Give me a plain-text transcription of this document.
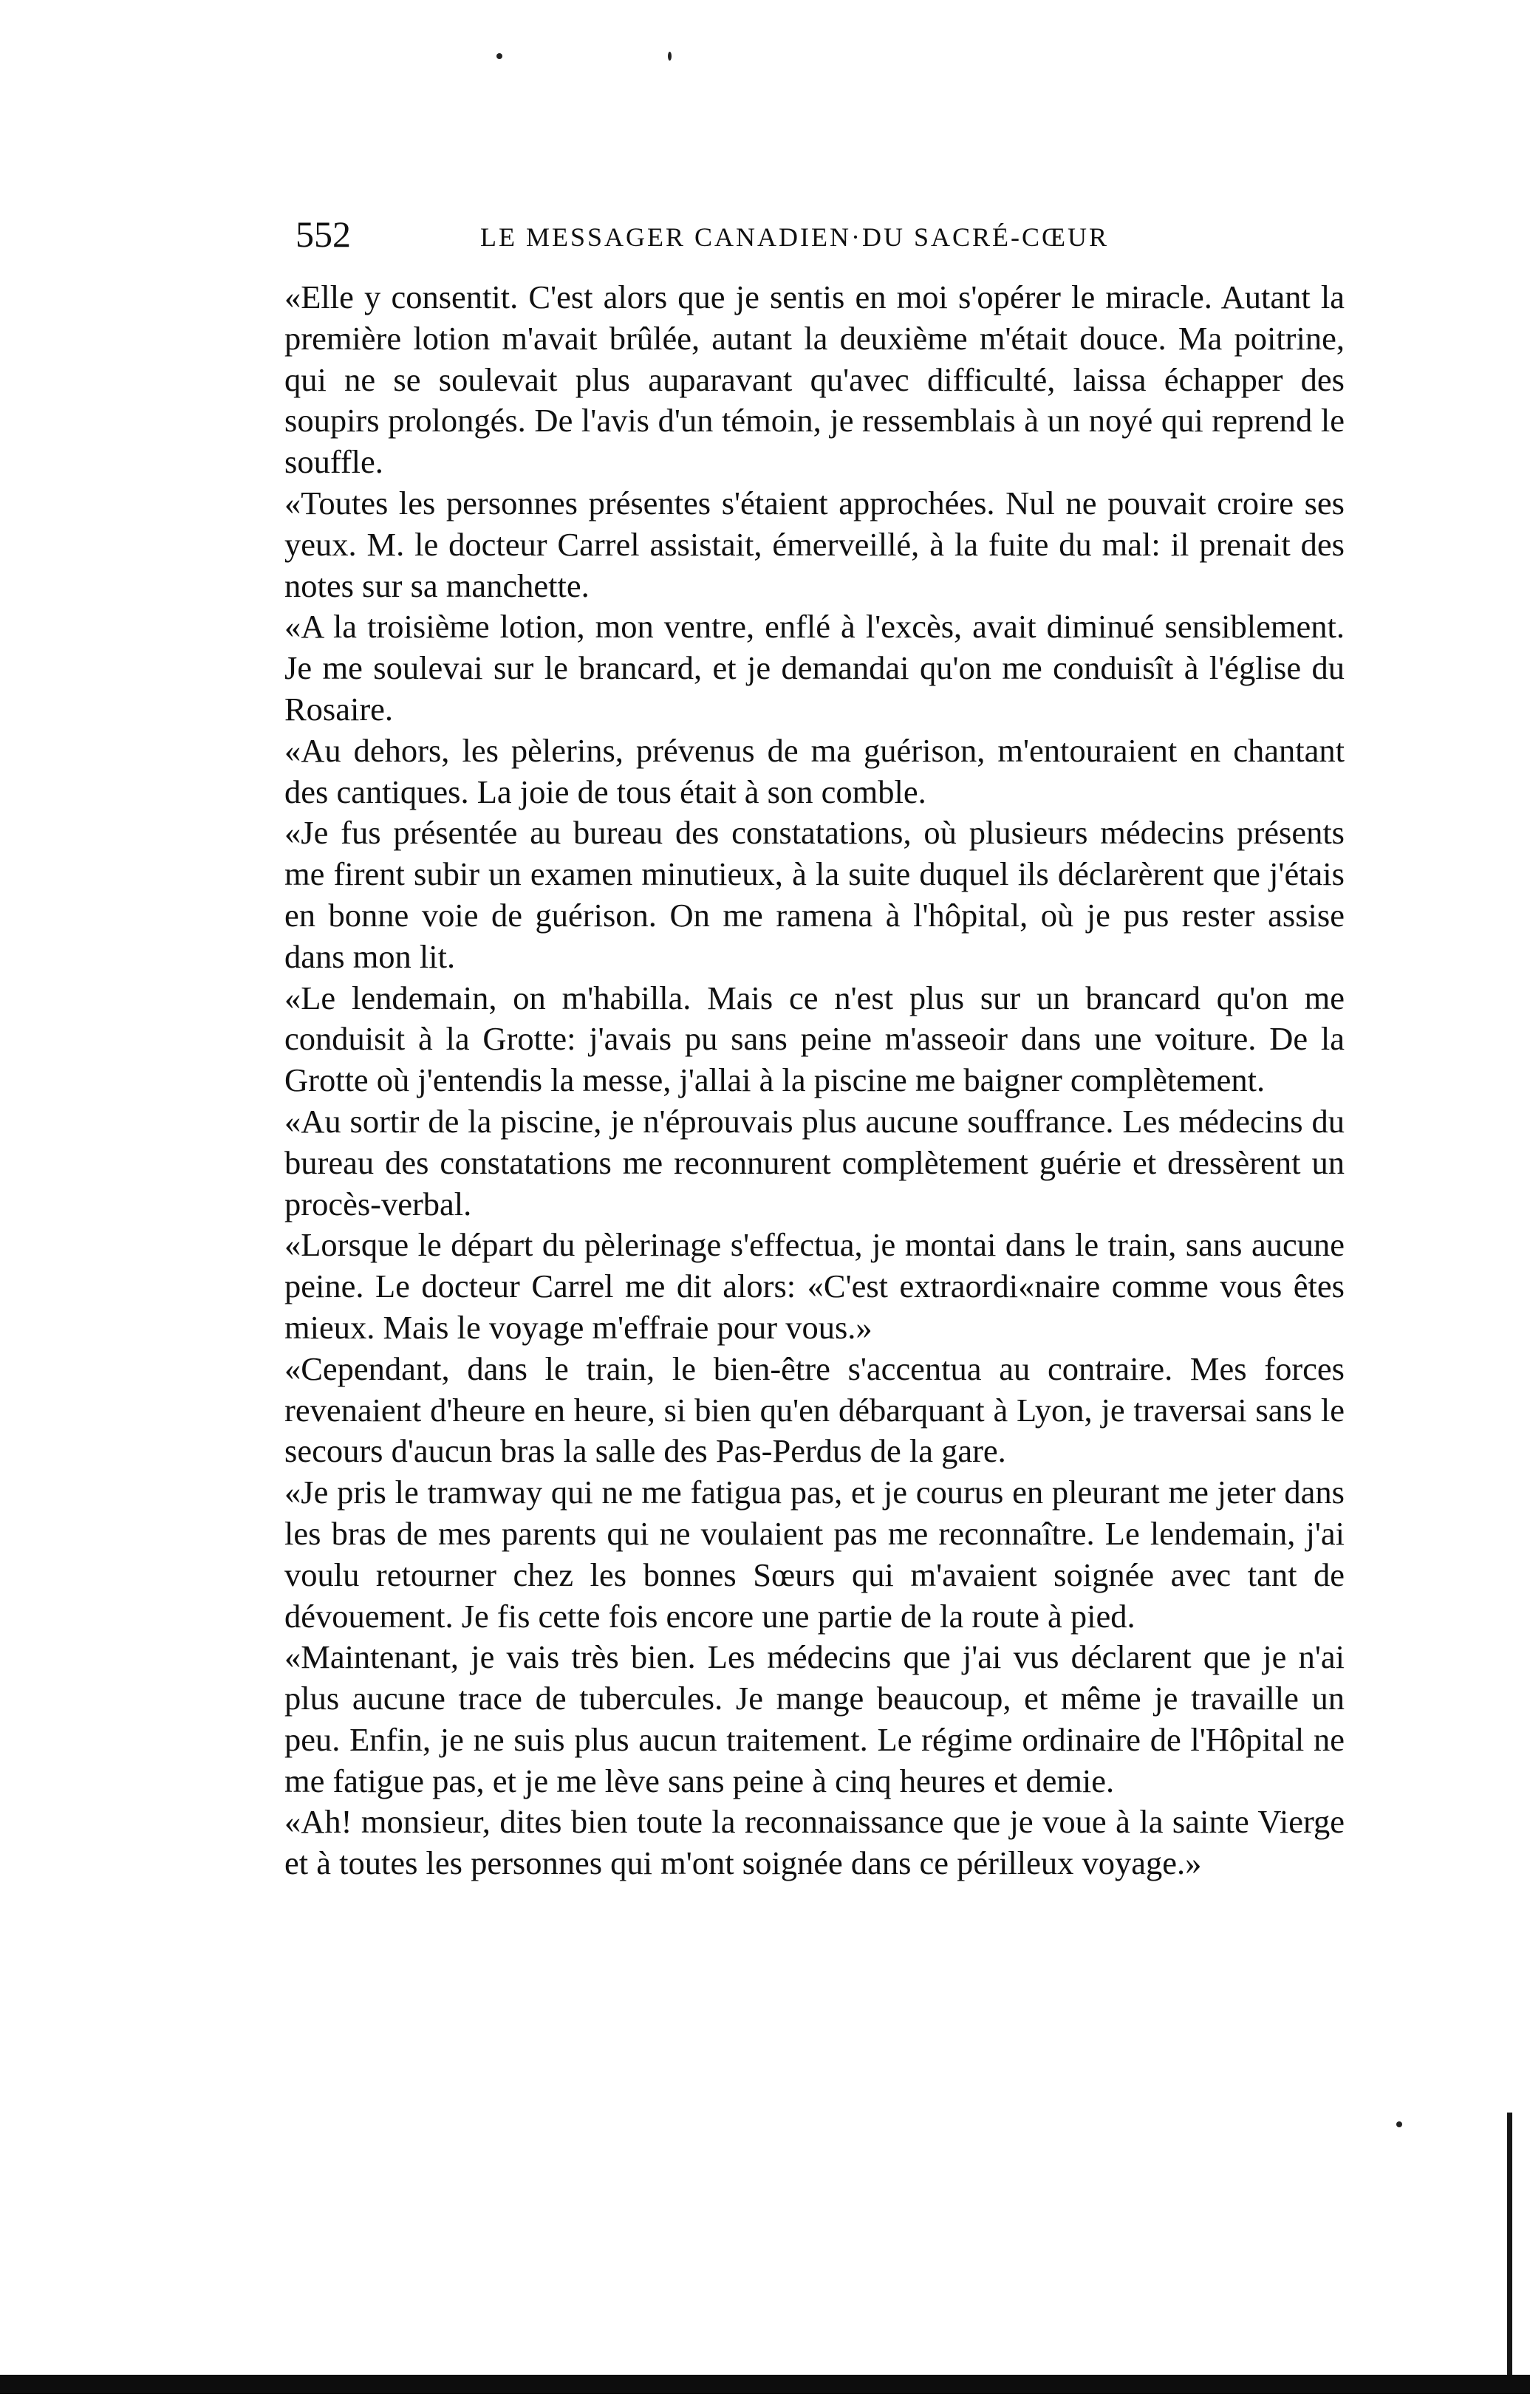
552	LE MESSAGER CANADIEN·DU SACRÉ-CŒUR

«Elle y consentit. C'est alors que je sentis en moi s'opérer le miracle. Autant la première lotion m'avait brûlée, autant la deuxième m'était douce. Ma poitrine, qui ne se soulevait plus auparavant qu'avec difficulté, laissa échapper des soupirs prolongés. De l'avis d'un témoin, je ressemblais à un noyé qui reprend le souffle.

«Toutes les personnes présentes s'étaient approchées. Nul ne pouvait croire ses yeux. M. le docteur Carrel assistait, émerveillé, à la fuite du mal: il prenait des notes sur sa manchette.

«A la troisième lotion, mon ventre, enflé à l'excès, avait diminué sensiblement. Je me soulevai sur le brancard, et je demandai qu'on me conduisît à l'église du Rosaire.

«Au dehors, les pèlerins, prévenus de ma guérison, m'entouraient en chantant des cantiques. La joie de tous était à son comble.

«Je fus présentée au bureau des constatations, où plusieurs médecins présents me firent subir un examen minutieux, à la suite duquel ils déclarèrent que j'étais en bonne voie de guérison. On me ramena à l'hôpital, où je pus rester assise dans mon lit.

«Le lendemain, on m'habilla. Mais ce n'est plus sur un brancard qu'on me conduisit à la Grotte: j'avais pu sans peine m'asseoir dans une voiture. De la Grotte où j'entendis la messe, j'allai à la piscine me baigner complètement.

«Au sortir de la piscine, je n'éprouvais plus aucune souffrance. Les médecins du bureau des constatations me reconnurent complètement guérie et dressèrent un procès-verbal.

«Lorsque le départ du pèlerinage s'effectua, je montai dans le train, sans aucune peine. Le docteur Carrel me dit alors: «C'est extraordi«naire comme vous êtes mieux. Mais le voyage m'effraie pour vous.»

«Cependant, dans le train, le bien-être s'accentua au contraire. Mes forces revenaient d'heure en heure, si bien qu'en débarquant à Lyon, je traversai sans le secours d'aucun bras la salle des Pas-Perdus de la gare.

«Je pris le tramway qui ne me fatigua pas, et je courus en pleurant me jeter dans les bras de mes parents qui ne voulaient pas me reconnaître. Le lendemain, j'ai voulu retourner chez les bonnes Sœurs qui m'avaient soignée avec tant de dévouement. Je fis cette fois encore une partie de la route à pied.

«Maintenant, je vais très bien. Les médecins que j'ai vus déclarent que je n'ai plus aucune trace de tubercules. Je mange beaucoup, et même je travaille un peu. Enfin, je ne suis plus aucun traitement. Le régime ordinaire de l'Hôpital ne me fatigue pas, et je me lève sans peine à cinq heures et demie.

«Ah! monsieur, dites bien toute la reconnaissance que je voue à la sainte Vierge et à toutes les personnes qui m'ont soignée dans ce périlleux voyage.»
